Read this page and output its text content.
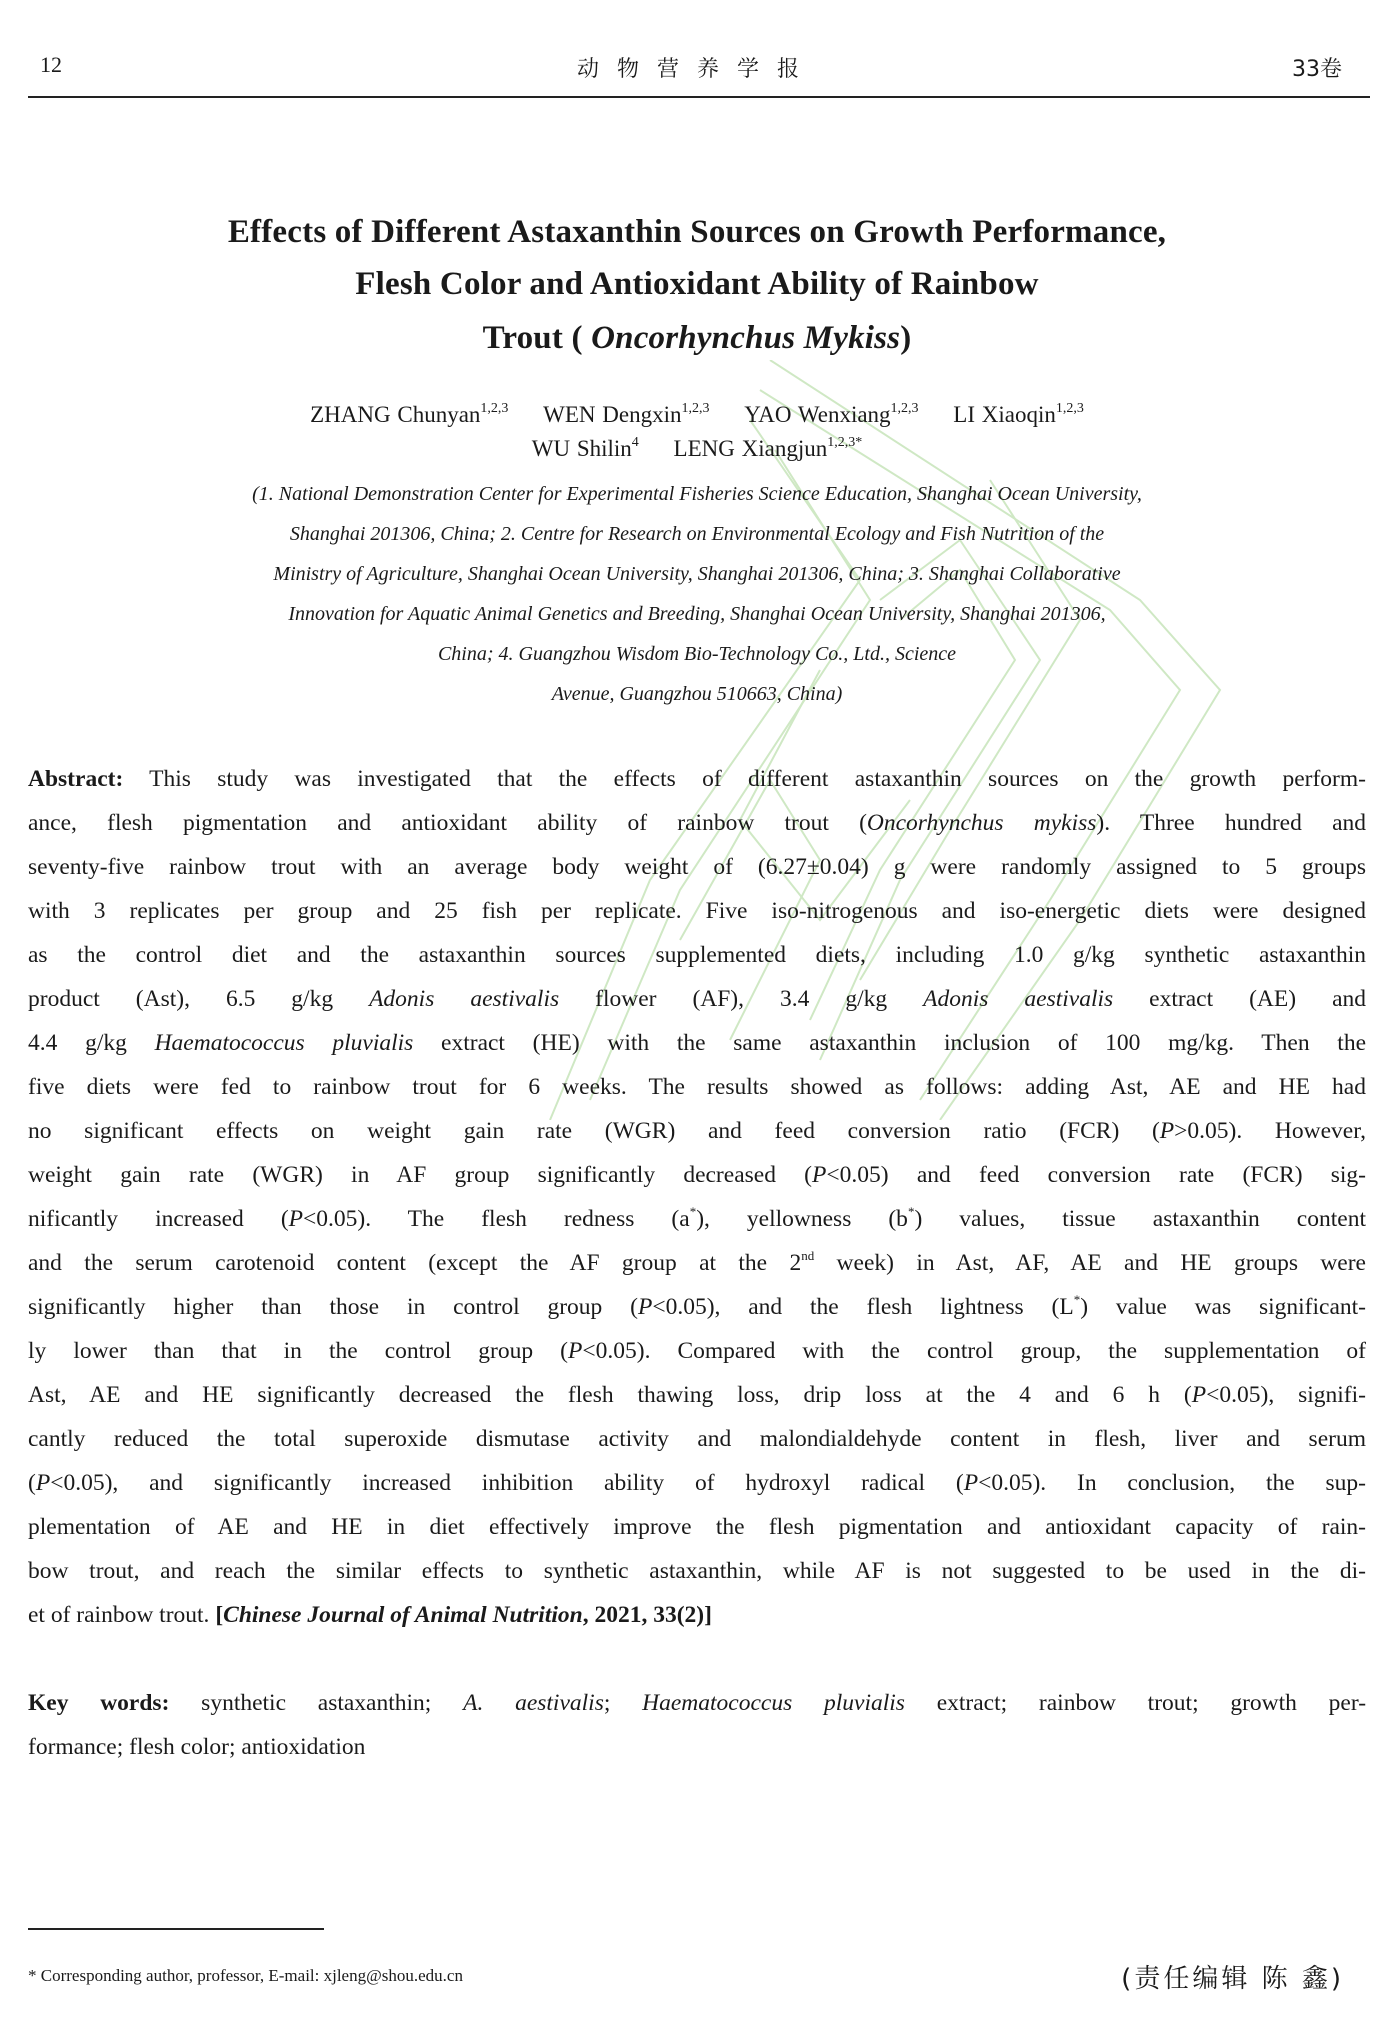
12	动物营养学报	33卷
Effects of Different Astaxanthin Sources on Growth Performance,
Flesh Color and Antioxidant Ability of Rainbow
Trout ( Oncorhynchus Mykiss)
ZHANG Chunyan$^{1,2,3}$ WEN Dengxin$^{1,2,3}$ YAO Wenxiang$^{1,2,3}$ LI Xiaoqin$^{1,2,3}$
WU Shilin$^4$ LENG Xiangjun$^{1,2,3*}$
(1. National Demonstration Center for Experimental Fisheries Science Education, Shanghai Ocean University,
Shanghai 201306, China; 2. Centre for Research on Environmental Ecology and Fish Nutrition of the
Ministry of Agriculture, Shanghai Ocean University, Shanghai 201306, China; 3. Shanghai Collaborative
Innovation for Aquatic Animal Genetics and Breeding, Shanghai Ocean University, Shanghai 201306,
China; 4. Guangzhou Wisdom Bio-Technology Co., Ltd., Science
Avenue, Guangzhou 510663, China)
Abstract: This study was investigated that the effects of different astaxanthin sources on the growth perform-
ance, flesh pigmentation and antioxidant ability of rainbow trout (Oncorhynchus mykiss). Three hundred and
seventy-five rainbow trout with an average body weight of (6.27±0.04) g were randomly assigned to 5 groups
with 3 replicates per group and 25 fish per replicate. Five iso-nitrogenous and iso-energetic diets were designed
as the control diet and the astaxanthin sources supplemented diets, including 1.0 g/kg synthetic astaxanthin
product (Ast), 6.5 g/kg Adonis aestivalis flower (AF), 3.4 g/kg Adonis aestivalis extract (AE) and
4.4 g/kg Haematococcus pluvialis extract (HE) with the same astaxanthin inclusion of 100 mg/kg. Then the
five diets were fed to rainbow trout for 6 weeks. The results showed as follows: adding Ast, AE and HE had
no significant effects on weight gain rate (WGR) and feed conversion ratio (FCR) (P>0.05). However,
weight gain rate (WGR) in AF group significantly decreased (P<0.05) and feed conversion rate (FCR) sig-
nificantly increased (P<0.05). The flesh redness (a*), yellowness (b*) values, tissue astaxanthin content
and the serum carotenoid content (except the AF group at the 2nd week) in Ast, AF, AE and HE groups were
significantly higher than those in control group (P<0.05), and the flesh lightness (L*) value was significant-
ly lower than that in the control group (P<0.05). Compared with the control group, the supplementation of
Ast, AE and HE significantly decreased the flesh thawing loss, drip loss at the 4 and 6 h (P<0.05), signifi-
cantly reduced the total superoxide dismutase activity and malondialdehyde content in flesh, liver and serum
(P<0.05), and significantly increased inhibition ability of hydroxyl radical (P<0.05). In conclusion, the sup-
plementation of AE and HE in diet effectively improve the flesh pigmentation and antioxidant capacity of rain-
bow trout, and reach the similar effects to synthetic astaxanthin, while AF is not suggested to be used in the di-
et of rainbow trout. [Chinese Journal of Animal Nutrition, 2021, 33(2)]
Key words: synthetic astaxanthin; A. aestivalis; Haematococcus pluvialis extract; rainbow trout; growth per-
formance; flesh color; antioxidation
* Corresponding author, professor, E-mail: xjleng@shou.edu.cn	(责任编辑 陈 鑫)
